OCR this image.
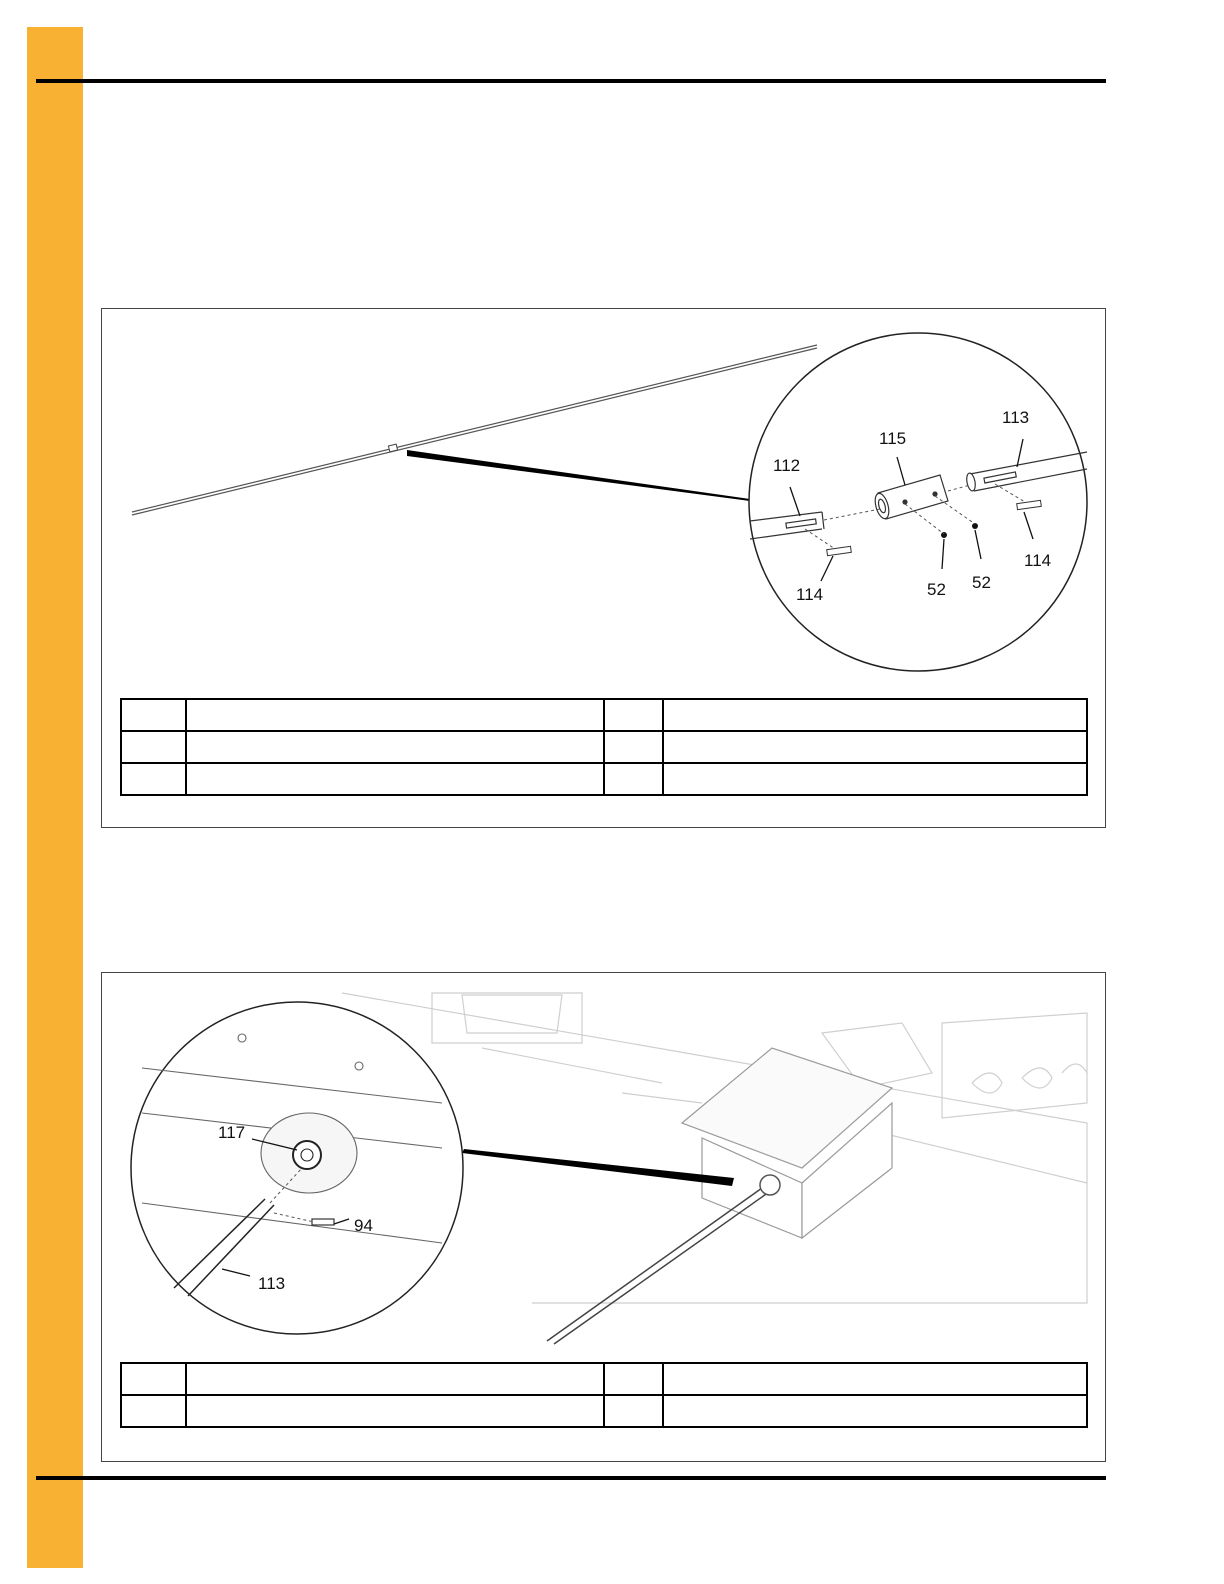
112
115
113
114
114
52 52

117
94
113
